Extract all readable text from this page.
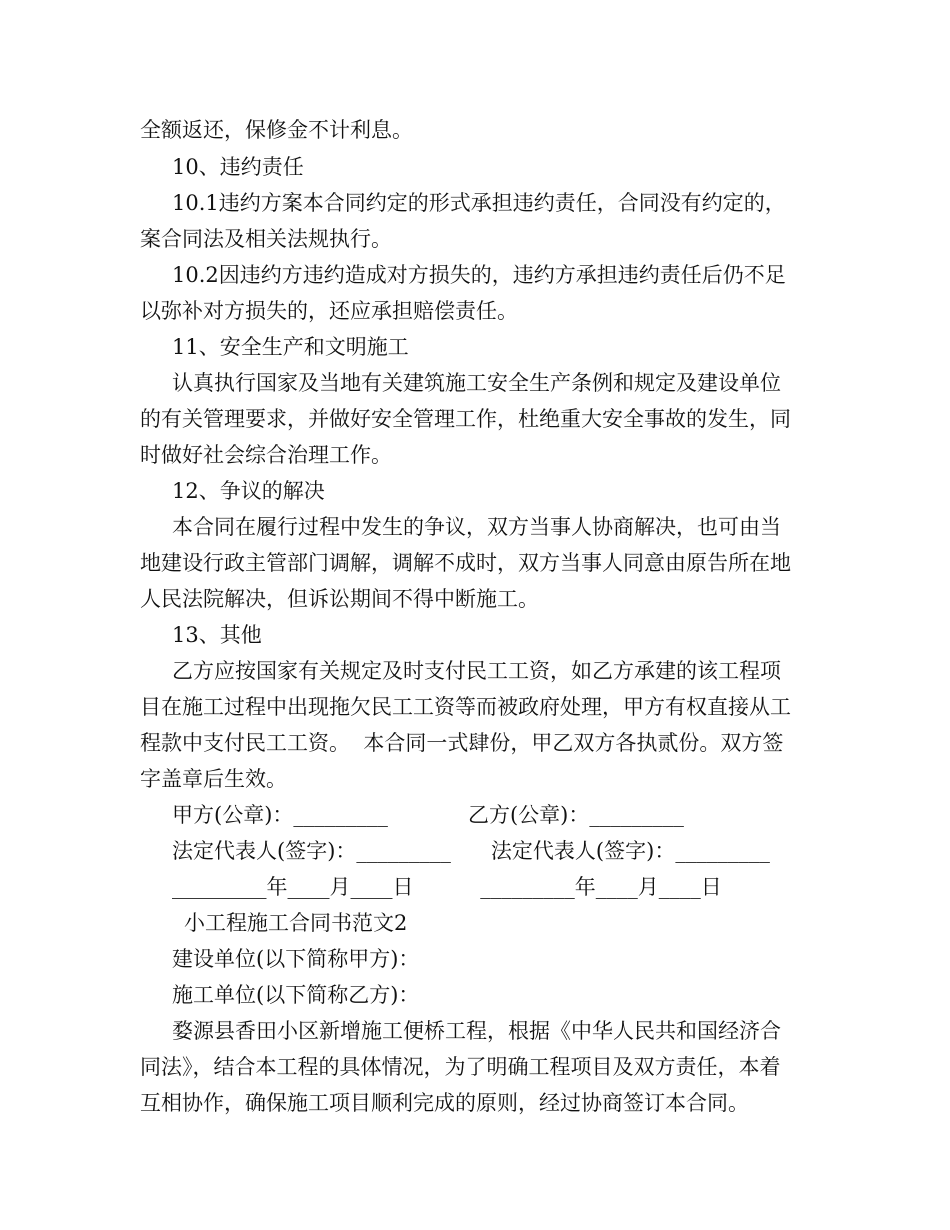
全额返还，保修金不计利息。
10、违约责任
10.1违约方案本合同约定的形式承担违约责任，合同没有约定的，
案合同法及相关法规执行。
10.2因违约方违约造成对方损失的，违约方承担违约责任后仍不足
以弥补对方损失的，还应承担赔偿责任。
11、安全生产和文明施工
认真执行国家及当地有关建筑施工安全生产条例和规定及建设单位
的有关管理要求，并做好安全管理工作，杜绝重大安全事故的发生，同
时做好社会综合治理工作。
12、争议的解决
本合同在履行过程中发生的争议，双方当事人协商解决，也可由当
地建设行政主管部门调解，调解不成时，双方当事人同意由原告所在地
人民法院解决，但诉讼期间不得中断施工。
13、其他
乙方应按国家有关规定及时支付民工工资，如乙方承建的该工程项
目在施工过程中出现拖欠民工工资等而被政府处理，甲方有权直接从工
程款中支付民工工资。  本合同一式肆份，甲乙双方各执贰份。双方签
字盖章后生效。
甲方(公章)：_________            乙方(公章)：_________
法定代表人(签字)：_________      法定代表人(签字)：_________
_________年____月____日          _________年____月____日
小工程施工合同书范文2
建设单位(以下简称甲方)：
施工单位(以下简称乙方)：
婺源县香田小区新增施工便桥工程，根据《中华人民共和国经济合
同法》，结合本工程的具体情况，为了明确工程项目及双方责任，本着
互相协作，确保施工项目顺利完成的原则，经过协商签订本合同。
